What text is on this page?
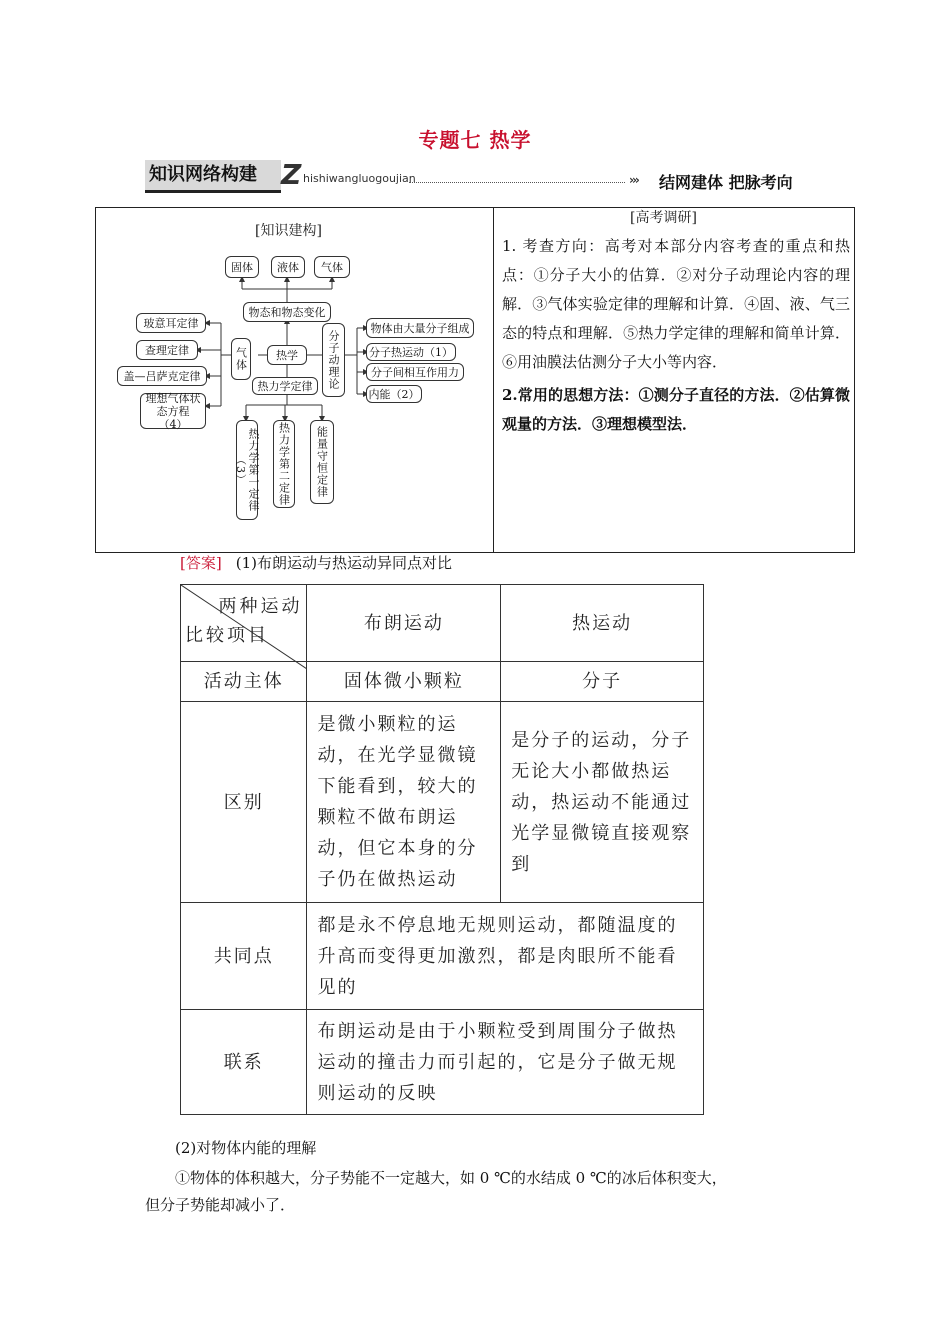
专题七 热学
知识网络构建 Z hishiwangluogoujian	››› 结网建体 把脉考向
[知识建构]
固体	液体	气体
物态和物态变化
玻意耳定律
查理定律
盖—吕萨克定律
理想气体状态方程（4）
气体	热学
热力学定律	分子动理论
物体由大量分子组成
分子热运动（1）
分子间相互作用力
内能（2）
热力学第一定律（3）	热力学第二定律	能量守恒定律
[高考调研]

1. 考查方向：高考对本部分内容考查的重点和热点：①分子大小的估算．②对分子动理论内容的理解．③气体实验定律的理解和计算．④固、液、气三态的特点和理解．⑤热力学定律的理解和简单计算．⑥用油膜法估测分子大小等内容．

2.常用的思想方法：①测分子直径的方法．②估算微观量的方法．③理想模型法．

[答案] (1)布朗运动与热运动异同点对比
两种运动
比较项目	布朗运动	热运动
活动主体	固体微小颗粒	分子
区别	是微小颗粒的运动，在光学显微镜下能看到，较大的颗粒不做布朗运动，但它本身的分子仍在做热运动	是分子的运动，分子无论大小都做热运动，热运动不能通过光学显微镜直接观察到
共同点	都是永不停息地无规则运动，都随温度的升高而变得更加激烈，都是肉眼所不能看见的	
联系	布朗运动是由于小颗粒受到周围分子做热运动的撞击力而引起的，它是分子做无规则运动的反映	
(2)对物体内能的理解
①物体的体积越大，分子势能不一定越大，如 0 ℃的水结成 0 ℃的冰后体积变大，
但分子势能却减小了．
